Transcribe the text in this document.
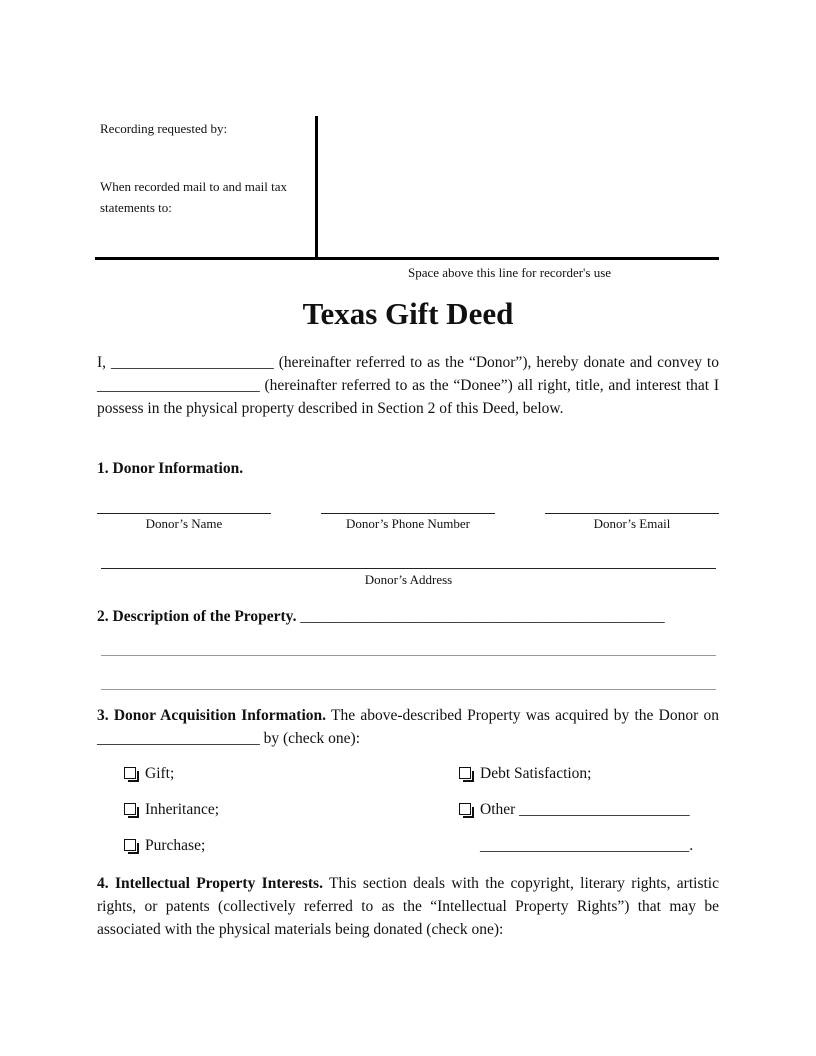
Recording requested by:
When recorded mail to and mail tax statements to:
Space above this line for recorder's use
Texas Gift Deed
I, _____________________ (hereinafter referred to as the “Donor”), hereby donate and convey to _____________________ (hereinafter referred to as the “Donee”) all right, title, and interest that I possess in the physical property described in Section 2 of this Deed, below.
1. Donor Information.
Donor’s Name	Donor’s Phone Number	Donor’s Email
Donor’s Address
2. Description of the Property. _______________________________________________
3. Donor Acquisition Information. The above-described Property was acquired by the Donor on _____________________ by (check one):
Gift;
Inheritance;
Purchase;
Debt Satisfaction;
Other ______________________
___________________________.
4. Intellectual Property Interests. This section deals with the copyright, literary rights, artistic rights, or patents (collectively referred to as the “Intellectual Property Rights”) that may be associated with the physical materials being donated (check one):
